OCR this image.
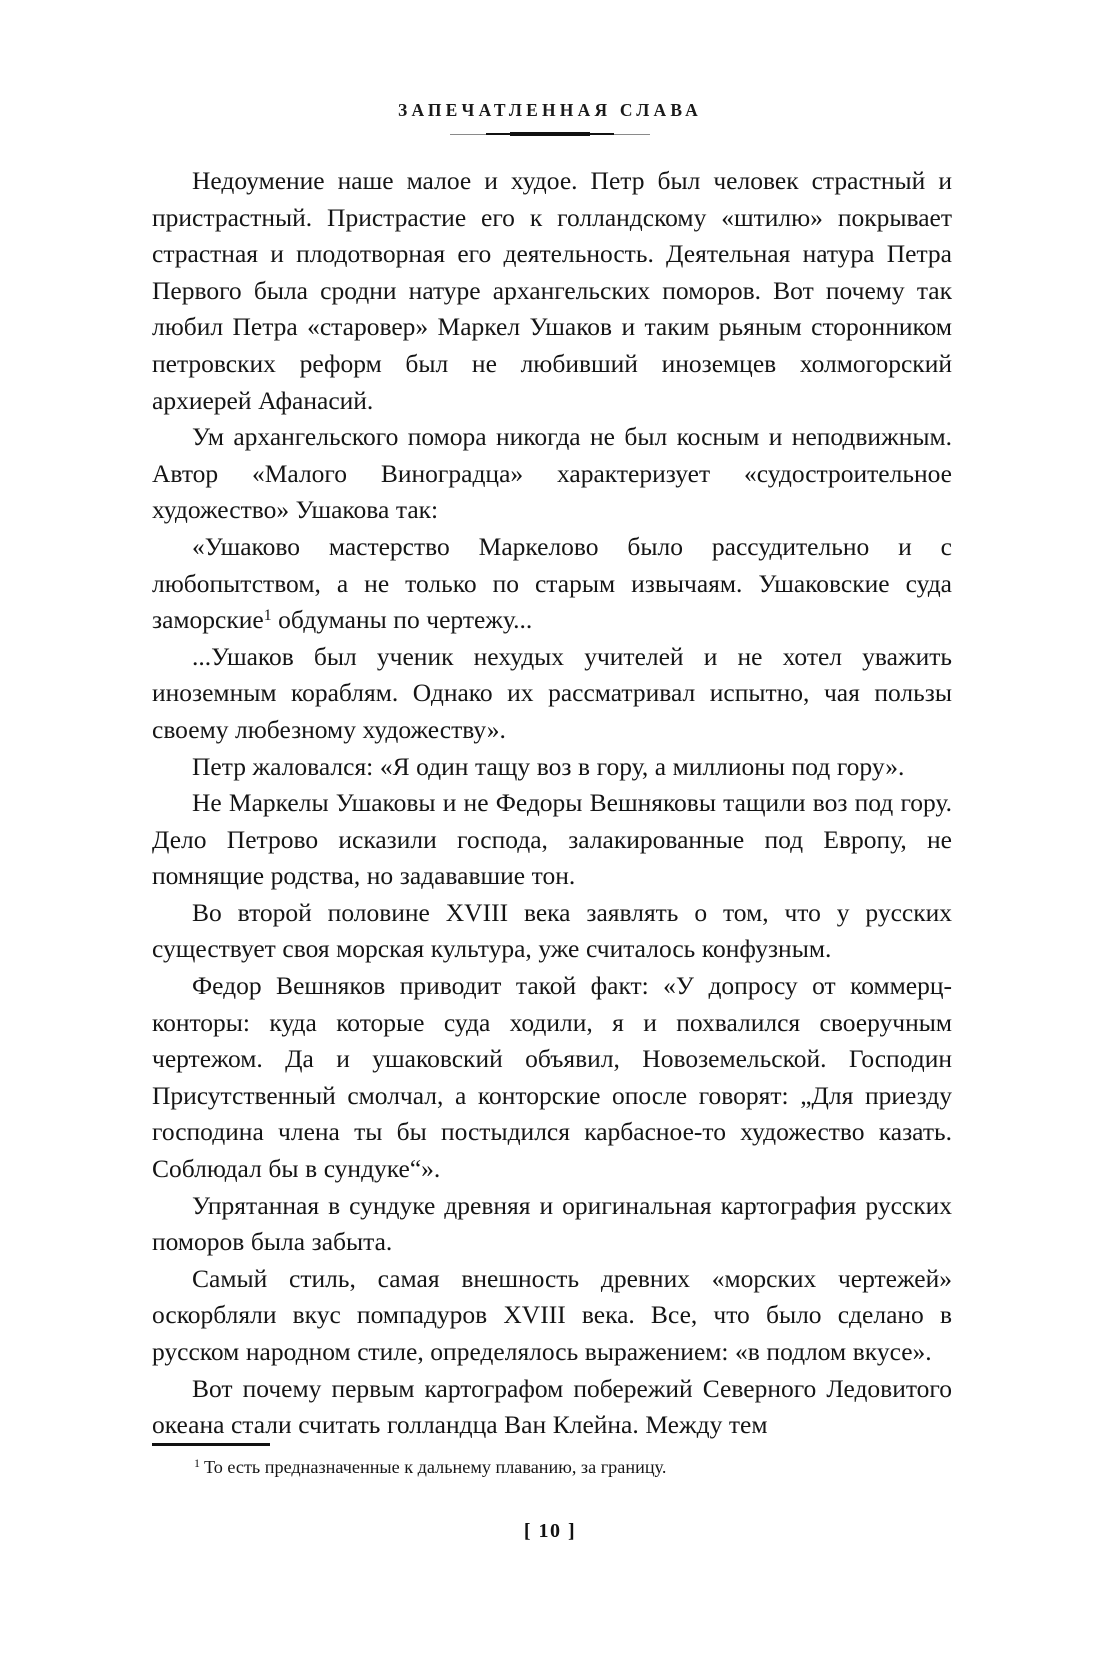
ЗАПЕЧАТЛЕННАЯ СЛАВА

Недоумение наше малое и худое. Петр был человек страстный и пристрастный. Пристрастие его к голландскому «штилю» покрывает страстная и плодотворная его деятельность. Деятельная натура Петра Первого была сродни натуре архангельских поморов. Вот почему так любил Петра «старовер» Маркел Ушаков и таким рьяным сторонником петровских реформ был не любивший иноземцев холмогорский архиерей Афанасий.

Ум архангельского помора никогда не был косным и неподвижным. Автор «Малого Виноградца» характеризует «судостроительное художество» Ушакова так:

«Ушаково мастерство Маркелово было рассудительно и с любопытством, а не только по старым извычаям. Ушаковские суда заморские$^1$ обдуманы по чертежу...

...Ушаков был ученик нехудых учителей и не хотел уважить иноземным кораблям. Однако их рассматривал испытно, чая пользы своему любезному художеству».

Петр жаловался: «Я один тащу воз в гору, а миллионы под гору».

Не Маркелы Ушаковы и не Федоры Вешняковы тащили воз под гору. Дело Петрово исказили господа, залакированные под Европу, не помнящие родства, но задававшие тон.

Во второй половине XVIII века заявлять о том, что у русских существует своя морская культура, уже считалось конфузным.

Федор Вешняков приводит такой факт: «У допросу от коммерц-конторы: куда которые суда ходили, я и похвалился своеручным чертежом. Да и ушаковский объявил, Новоземельской. Господин Присутственный смолчал, а конторские опосле говорят: „Для приезду господина члена ты бы постыдился карбасное-то художество казать. Соблюдал бы в сундуке“».

Упрятанная в сундуке древняя и оригинальная картография русских поморов была забыта.

Самый стиль, самая внешность древних «морских чертежей» оскорбляли вкус помпадуров XVIII века. Все, что было сделано в русском народном стиле, определялось выражением: «в подлом вкусе».

Вот почему первым картографом побережий Северного Ледовитого океана стали считать голландца Ван Клейна. Между тем

$^1$ То есть предназначенные к дальнему плаванию, за границу.

[ 10 ]
